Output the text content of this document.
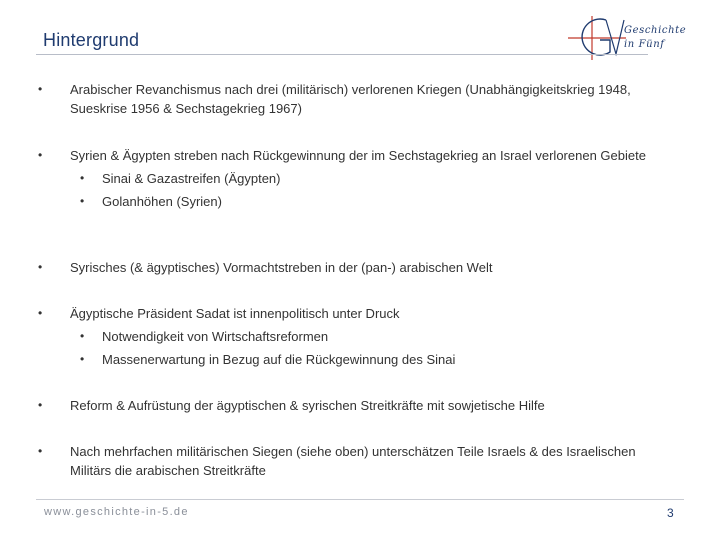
Hintergrund	Geschichte
in Fünf
•	Arabischer Revanchismus nach drei (militärisch) verlorenen Kriegen (Unabhängigkeitskrieg 1948, Sueskrise 1956 & Sechstagekrieg 1967)
•	Syrien & Ägypten streben nach Rückgewinnung der im Sechstagekrieg an Israel verlorenen Gebiete
• Sinai & Gazastreifen (Ägypten)
• Golanhöhen (Syrien)
•	Syrisches (& ägyptisches) Vormachtstreben in der (pan-) arabischen Welt
•	Ägyptische Präsident Sadat ist innenpolitisch unter Druck
• Notwendigkeit von Wirtschaftsreformen
• Massenerwartung in Bezug auf die Rückgewinnung des Sinai
•	Reform & Aufrüstung der ägyptischen & syrischen Streitkräfte mit sowjetische Hilfe
•	Nach mehrfachen militärischen Siegen (siehe oben) unterschätzen Teile Israels & des Israelischen Militärs die arabischen Streitkräfte
www.geschichte-in-5.de	3
